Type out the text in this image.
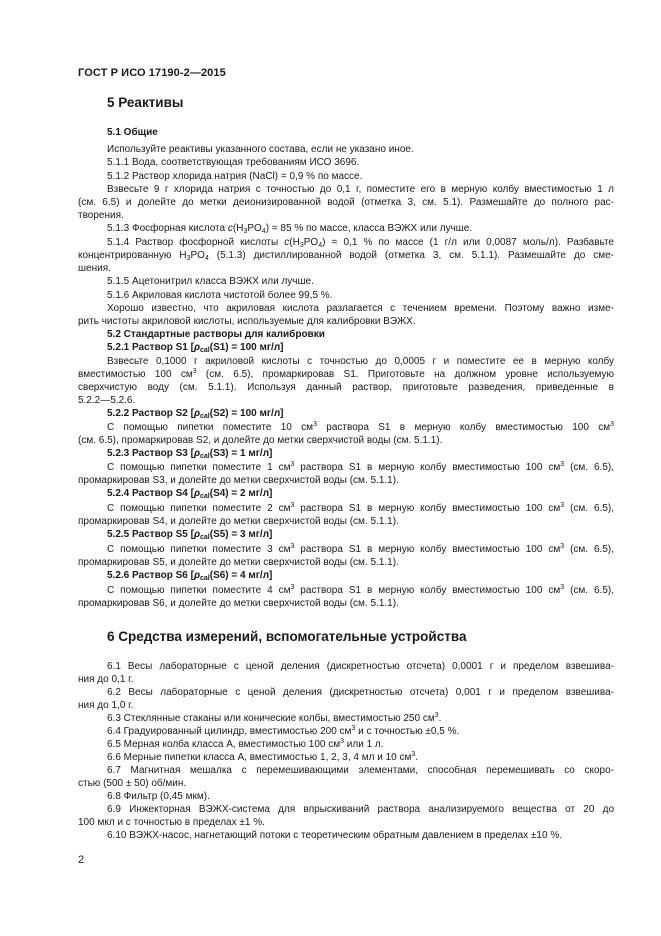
ГОСТ Р ИСО 17190-2—2015
5 Реактивы
5.1 Общие
Используйте реактивы указанного состава, если не указано иное.
5.1.1 Вода, соответствующая требованиям ИСО 3696.
5.1.2 Раствор хлорида натрия (NaCl) = 0,9 % по массе.
Взвесьте 9 г хлорида натрия с точностью до 0,1 г, поместите его в мерную колбу вместимостью 1 л
(см. 6.5) и долейте до метки деионизированной водой (отметка 3, см. 5.1). Размешайте до полного рас-
творения.
5.1.3 Фосфорная кислота $c(H_3PO_4) = 85$ % по массе, класса ВЭЖХ или лучше.
5.1.4 Раствор фосфорной кислоты $c(H_3PO_4) = 0,1$ % по массе (1 г/л или 0,0087 моль/л). Разбавьте
концентрированную $H_3PO_4$ (5.1.3) дистиллированной водой (отметка 3, см. 5.1.1). Размешайте до сме-
шения.
5.1.5 Ацетонитрил класса ВЭЖХ или лучше.
5.1.6 Акриловая кислота чистотой более 99,5 %.
Хорошо известно, что акриловая кислота разлагается с течением времени. Поэтому важно измe-
рить чистоты акриловой кислоты, используемые для калибровки ВЭЖХ.
5.2 Стандартные растворы для калибровки
5.2.1 Раствор S1 [$\rho_{cal}(S1) = 100$ мг/л]
Взвесьте 0,1000 г акриловой кислоты с точностью до 0,0005 г и поместите ее в мерную колбу
вместимостью 100 $см^3$ (см. 6.5), промаркировав S1. Приготовьте на должном уровне используемую
сверхчистую воду (см. 5.1.1). Используя данный раствор, приготовьте разведения, приведенные в
5.2.2—5.2.6.
5.2.2 Раствор S2 [$\rho_{cal}(S2) = 100$ мг/л]
С помощью пипетки поместите 10 $см^3$ раствора S1 в мерную колбу вместимостью 100 $см^3$
(см. 6.5), промаркировав S2, и долейте до метки сверхчистой воды (см. 5.1.1).
5.2.3 Раствор S3 [$\rho_{cal}(S3) = 1$ мг/л]
С помощью пипетки поместите 1 $см^3$ раствора S1 в мерную колбу вместимостью 100 $см^3$ (см. 6.5),
промаркировав S3, и долейте до метки сверхчистой воды (см. 5.1.1).
5.2.4 Раствор S4 [$\rho_{cal}(S4) = 2$ мг/л]
С помощью пипетки поместите 2 $см^3$ раствора S1 в мерную колбу вместимостью 100 $см^3$ (см. 6.5),
промаркировав S4, и долейте до метки сверхчистой воды (см. 5.1.1).
5.2.5 Раствор S5 [$\rho_{cal}(S5) = 3$ мг/л]
С помощью пипетки поместите 3 $см^3$ раствора S1 в мерную колбу вместимостью 100 $см^3$ (см. 6.5),
промаркировав S5, и долейте до метки сверхчистой воды (см. 5.1.1).
5.2.6 Раствор S6 [$\rho_{cal}(S6) = 4$ мг/л]
С помощью пипетки поместите 4 $см^3$ раствора S1 в мерную колбу вместимостью 100 $см^3$ (см. 6.5),
промаркировав S6, и долейте до метки сверхчистой воды (см. 5.1.1).
6 Средства измерений, вспомогательные устройства
6.1 Весы лабораторные с ценой деления (дискретностью отсчета) 0,0001 г и пределом взвешива-
ния до 0,1 г.
6.2 Весы лабораторные с ценой деления (дискретностью отсчета) 0,001 г и пределом взвешива-
ния до 1,0 г.
6.3 Стеклянные стаканы или конические колбы, вместимостью 250 $см^3$.
6.4 Градуированный цилиндр, вместимостью 200 $см^3$ и с точностью ±0,5 %.
6.5 Мерная колба класса А, вместимостью 100 $см^3$ или 1 л.
6.6 Мерные пипетки класса А, вместимостью 1, 2, 3, 4 мл и 10 $см^3$.
6.7 Магнитная мешалка с перемешивающими элементами, способная перемешивать со скоро-
стью (500 ± 50) об/мин.
6.8 Фильтр (0,45 мкм).
6.9 Инжекторная ВЭЖХ-система для впрыскиваний раствора анализируемого вещества от 20 до
100 мкл и с точностью в пределах ±1 %.
6.10 ВЭЖХ-насос, нагнетающий потоки с теоретическим обратным давлением в пределах ±10 %.
2
